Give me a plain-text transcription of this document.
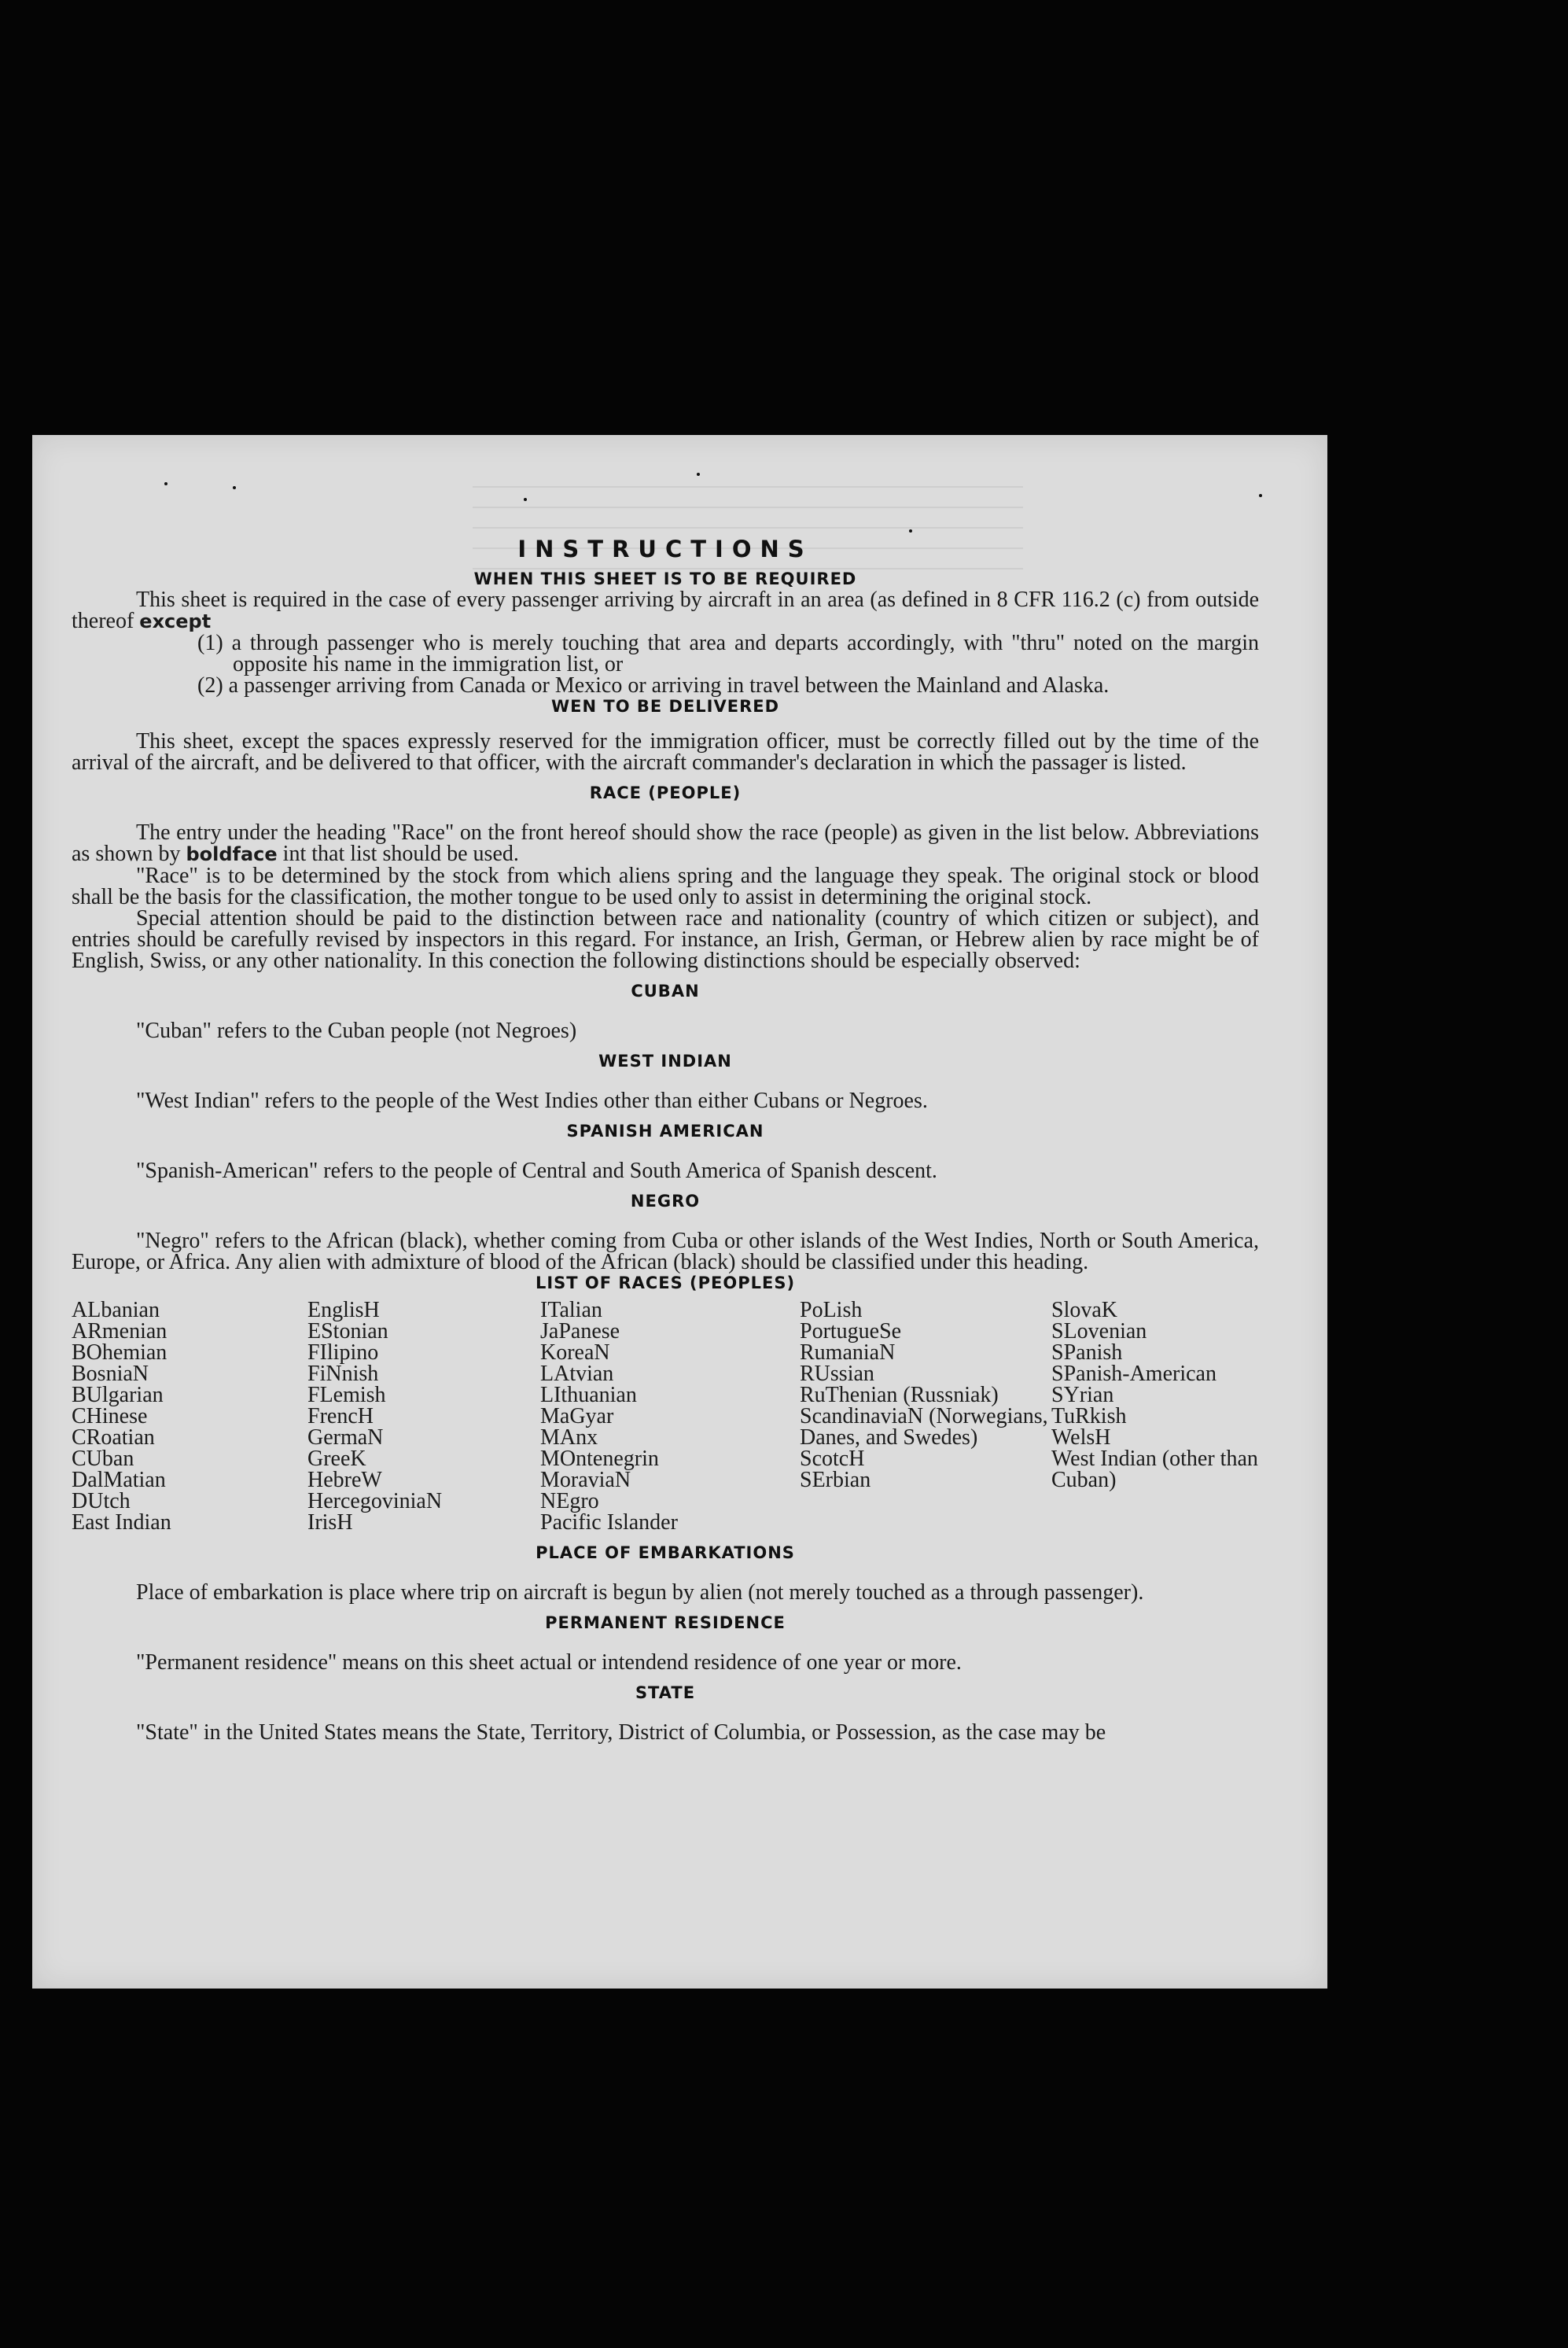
INSTRUCTIONS
WHEN THIS SHEET IS TO BE REQUIRED

This sheet is required in the case of every passenger arriving by aircraft in an area (as defined in 8 CFR 116.2 (c) from outside thereof except

(1) a through passenger who is merely touching that area and departs accordingly, with "thru" noted on the margin opposite his name in the immigration list, or

(2) a passenger arriving from Canada or Mexico or arriving in travel between the Mainland and Alaska.

WEN TO BE DELIVERED

This sheet, except the spaces expressly reserved for the immigration officer, must be correctly filled out by the time of the arrival of the aircraft, and be delivered to that officer, with the aircraft commander's declaration in which the passager is listed.

RACE (PEOPLE)

The entry under the heading "Race" on the front hereof should show the race (people) as given in the list below. Abbreviations as shown by boldface int that list should be used.

"Race" is to be determined by the stock from which aliens spring and the language they speak. The original stock or blood shall be the basis for the classification, the mother tongue to be used only to assist in determining the original stock.

Special attention should be paid to the distinction between race and nationality (country of which citizen or subject), and entries should be carefully revised by inspectors in this regard. For instance, an Irish, German, or Hebrew alien by race might be of English, Swiss, or any other nationality. In this conection the following distinctions should be especially observed:

CUBAN

"Cuban" refers to the Cuban people (not Negroes)

WEST INDIAN

"West Indian" refers to the people of the West Indies other than either Cubans or Negroes.

SPANISH AMERICAN

"Spanish-American" refers to the people of Central and South America of Spanish descent.

NEGRO

"Negro" refers to the African (black), whether coming from Cuba or other islands of the West Indies, North or South America, Europe, or Africa. Any alien with admixture of blood of the African (black) should be classified under this heading.

LIST OF RACES (PEOPLES)
ALbanian
ARmenian
BOhemian
BosniaN
BUlgarian
CHinese
CRoatian
CUban
DalMatian
DUtch
East Indian
EnglisH
EStonian
FIlipino
FiNnish
FLemish
FrencH
GermaN
GreeK
HebreW
HercegoviniaN
IrisH
ITalian
JaPanese
KoreaN
LAtvian
LIthuanian
MaGyar
MAnx
MOntenegrin
MoraviaN
NEgro
Pacific Islander
PoLish
PortugueSe
RumaniaN
RUssian
RuThenian (Russniak)
ScandinaviaN (Norwegians, Danes, and Swedes)
ScotcH
SErbian
SlovaK
SLovenian
SPanish
SPanish-American
SYrian
TuRkish
WelsH
West Indian (other than Cuban)
PLACE OF EMBARKATIONS

Place of embarkation is place where trip on aircraft is begun by alien (not merely touched as a through passenger).

PERMANENT RESIDENCE

"Permanent residence" means on this sheet actual or intendend residence of one year or more.

STATE

"State" in the United States means the State, Territory, District of Columbia, or Possession, as the case may be
